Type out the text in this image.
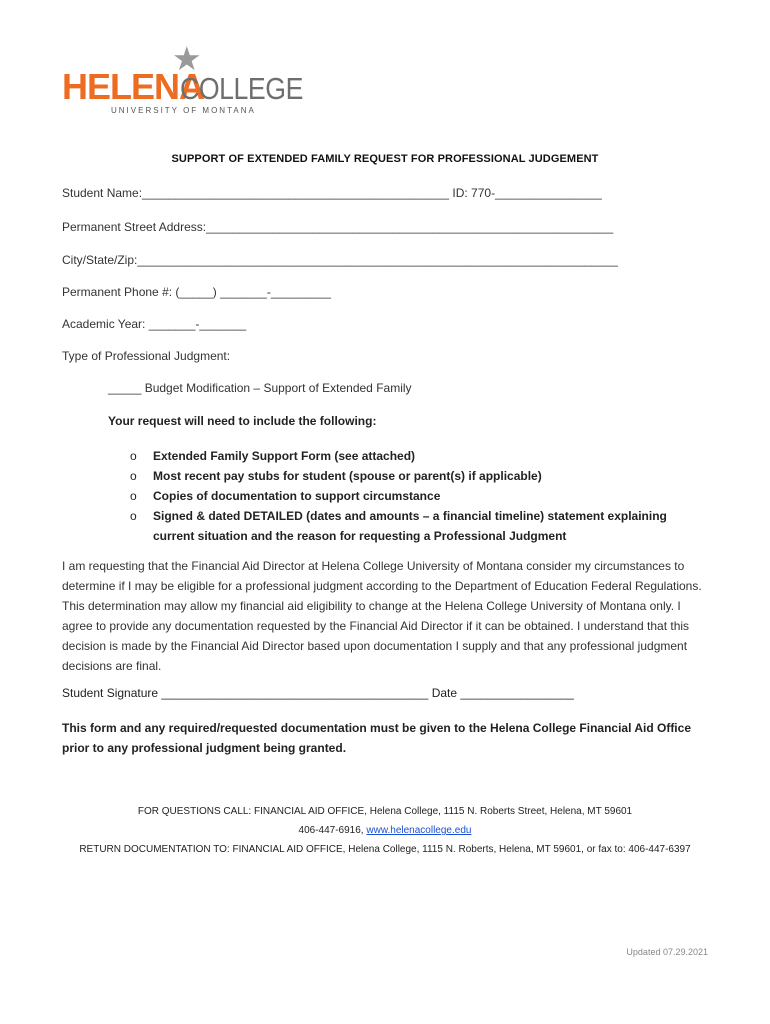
★
HELENA
COLLEGE
UNIVERSITY OF MONTANA
SUPPORT OF EXTENDED FAMILY REQUEST FOR PROFESSIONAL JUDGEMENT
Student Name:______________________________________________ ID: 770-________________
Permanent Street Address:_____________________________________________________________
City/State/Zip:________________________________________________________________________
Permanent Phone #: (_____) _______-_________
Academic Year: _______-_______
Type of Professional Judgment:
_____ Budget Modification – Support of Extended Family
Your request will need to include the following:
o Extended Family Support Form (see attached)
o Most recent pay stubs for student (spouse or parent(s) if applicable)
o Copies of documentation to support circumstance
o Signed & dated DETAILED (dates and amounts – a financial timeline) statement explaining current situation and the reason for requesting a Professional Judgment
I am requesting that the Financial Aid Director at Helena College University of Montana consider my circumstances to determine if I may be eligible for a professional judgment according to the Department of Education Federal Regulations. This determination may allow my financial aid eligibility to change at the Helena College University of Montana only. I agree to provide any documentation requested by the Financial Aid Director if it can be obtained. I understand that this decision is made by the Financial Aid Director based upon documentation I supply and that any professional judgment decisions are final.
Student Signature ________________________________________ Date _________________
This form and any required/requested documentation must be given to the Helena College Financial Aid Office prior to any professional judgment being granted.
FOR QUESTIONS CALL: FINANCIAL AID OFFICE, Helena College, 1115 N. Roberts Street, Helena, MT 59601
406-447-6916, www.helenacollege.edu
RETURN DOCUMENTATION TO: FINANCIAL AID OFFICE, Helena College, 1115 N. Roberts, Helena, MT 59601, or fax to: 406-447-6397
Updated 07.29.2021
